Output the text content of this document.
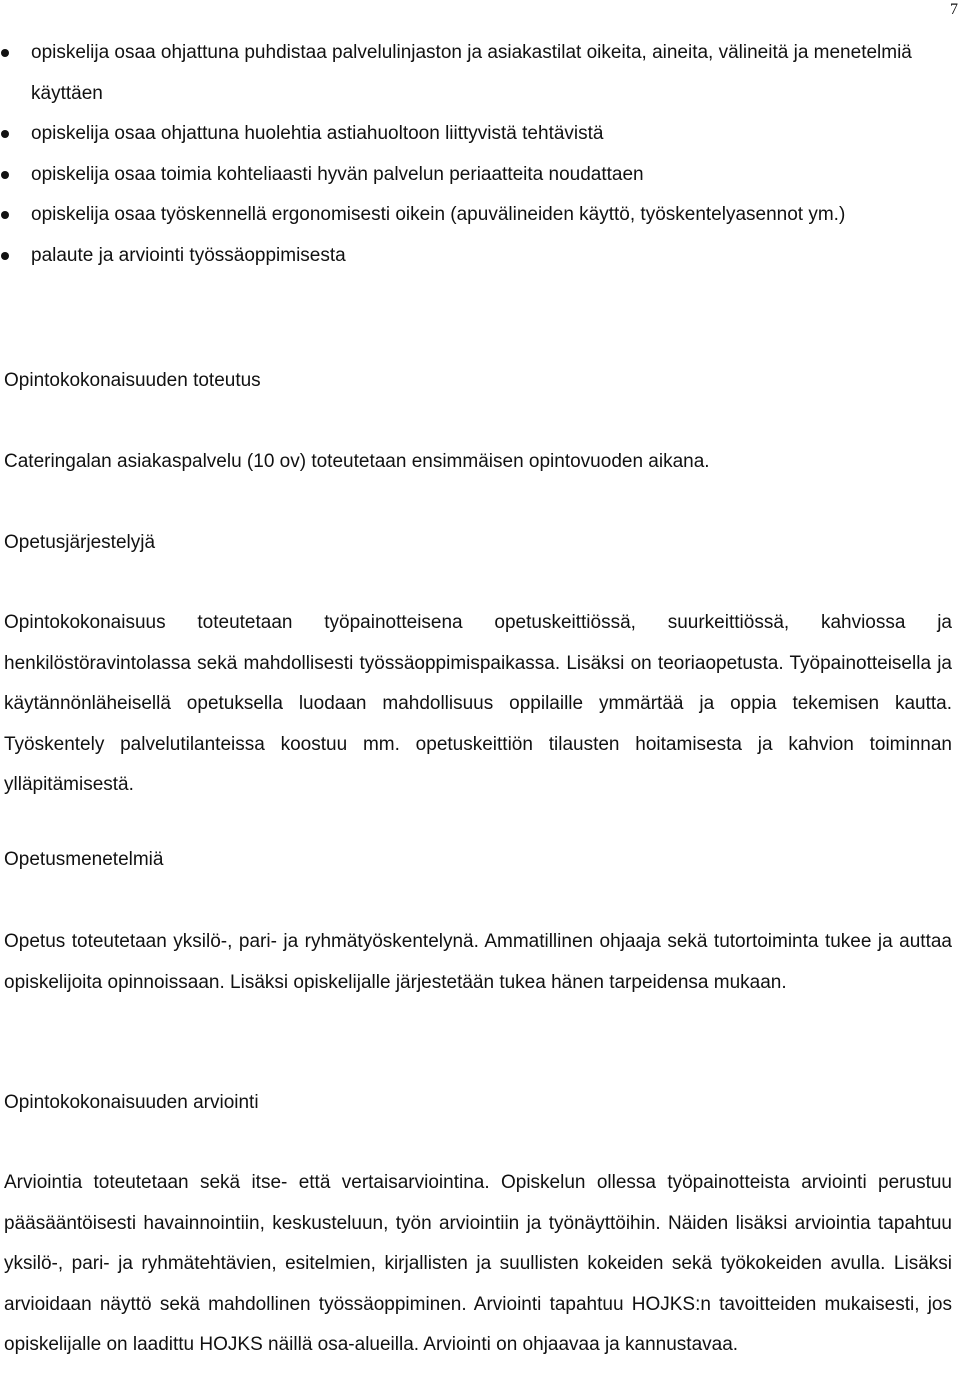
7
opiskelija osaa ohjattuna puhdistaa palvelulinjaston ja asiakastilat oikeita, aineita, välineitä ja menetelmiä käyttäen
opiskelija osaa ohjattuna huolehtia astiahuoltoon liittyvistä tehtävistä
opiskelija osaa toimia kohteliaasti hyvän palvelun periaatteita noudattaen
opiskelija osaa työskennellä ergonomisesti oikein (apuvälineiden käyttö, työskentelyasennot ym.)
palaute ja arviointi työssäoppimisesta

Opintokokonaisuuden toteutus

Cateringalan asiakaspalvelu (10 ov) toteutetaan ensimmäisen opintovuoden aikana.

Opetusjärjestelyjä

Opintokokonaisuus toteutetaan työpainotteisena opetuskeittiössä, suurkeittiössä, kahviossa ja henkilöstöravintolassa sekä mahdollisesti työssäoppimispaikassa. Lisäksi on teoriaopetusta. Työpainotteisella ja käytännönläheisellä opetuksella luodaan mahdollisuus oppilaille ymmärtää ja oppia tekemisen kautta. Työskentely palvelutilanteissa koostuu mm. opetuskeittiön tilausten hoitamisesta ja kahvion toiminnan ylläpitämisestä.

Opetusmenetelmiä

Opetus toteutetaan yksilö-, pari- ja ryhmätyöskentelynä. Ammatillinen ohjaaja sekä tutortoiminta tukee ja auttaa opiskelijoita opinnoissaan. Lisäksi opiskelijalle järjestetään tukea hänen tarpeidensa mukaan.

Opintokokonaisuuden arviointi

Arviointia toteutetaan sekä itse- että vertaisarviointina. Opiskelun ollessa työpainotteista arviointi perustuu pääsääntöisesti havainnointiin, keskusteluun, työn arviointiin ja työnäyttöihin. Näiden lisäksi arviointia tapahtuu yksilö-, pari- ja ryhmätehtävien, esitelmien, kirjallisten ja suullisten kokeiden sekä työkokeiden avulla. Lisäksi arvioidaan näyttö sekä mahdollinen työssäoppiminen. Arviointi tapahtuu HOJKS:n tavoitteiden mukaisesti, jos opiskelijalle on laadittu HOJKS näillä osa-alueilla. Arviointi on ohjaavaa ja kannustavaa.
